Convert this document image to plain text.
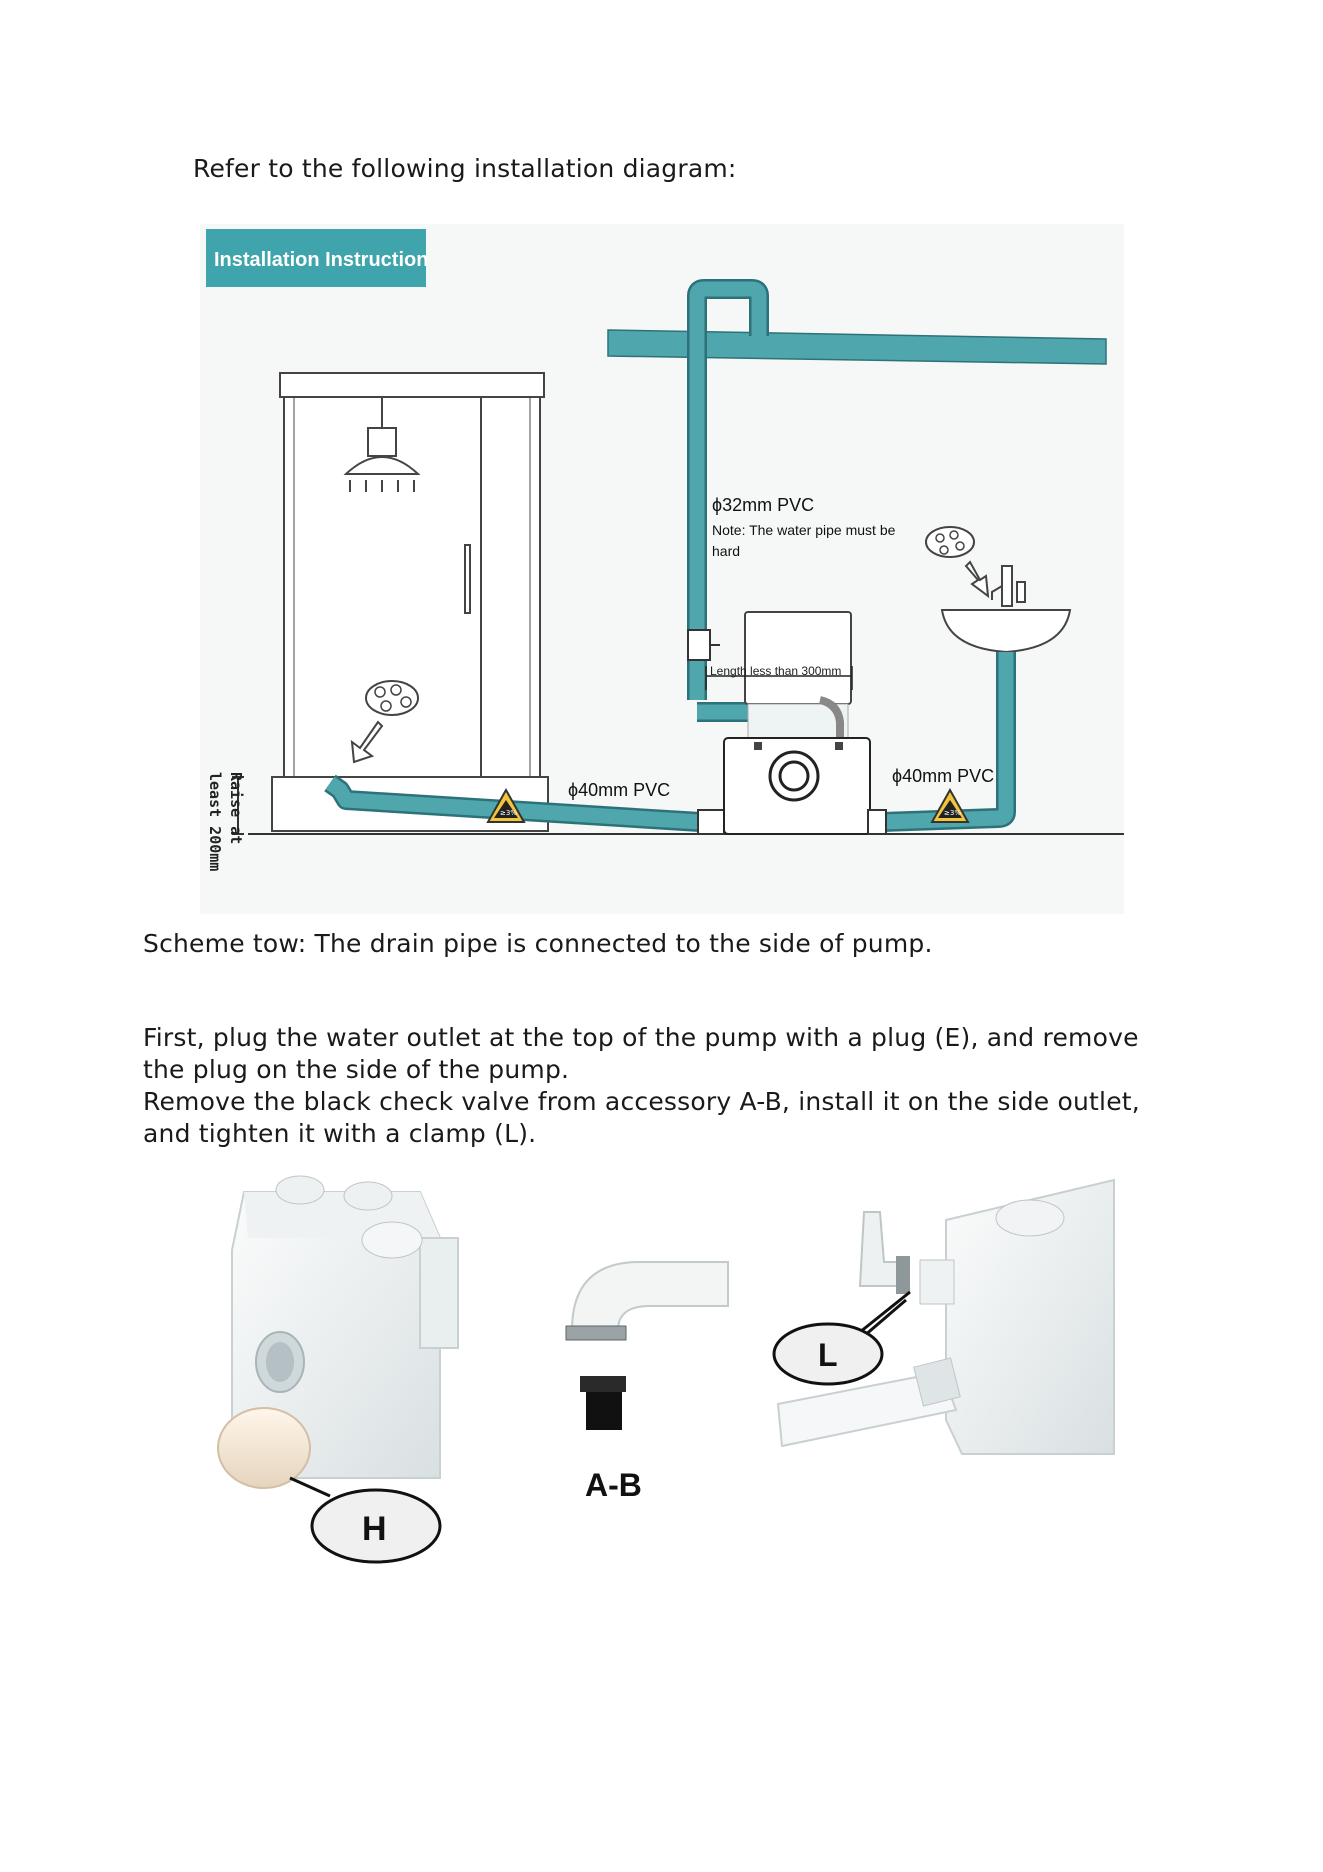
Refer to the following installation diagram:
Installation Instruction
Raise at
least 200mm	≥3%
Length less than 300mm
≥3%
ϕ32mm PVC
Note: The water pipe must be
hard
ϕ40mm PVC
ϕ40mm PVC
Scheme tow: The drain pipe is connected to the side of pump.
First, plug the water outlet at the top of the pump with a plug (E), and remove
the plug on the side of the pump.
Remove the black check valve from accessory A-B, install it on the side outlet,
and tighten it with a clamp (L).
H
A-B
L
